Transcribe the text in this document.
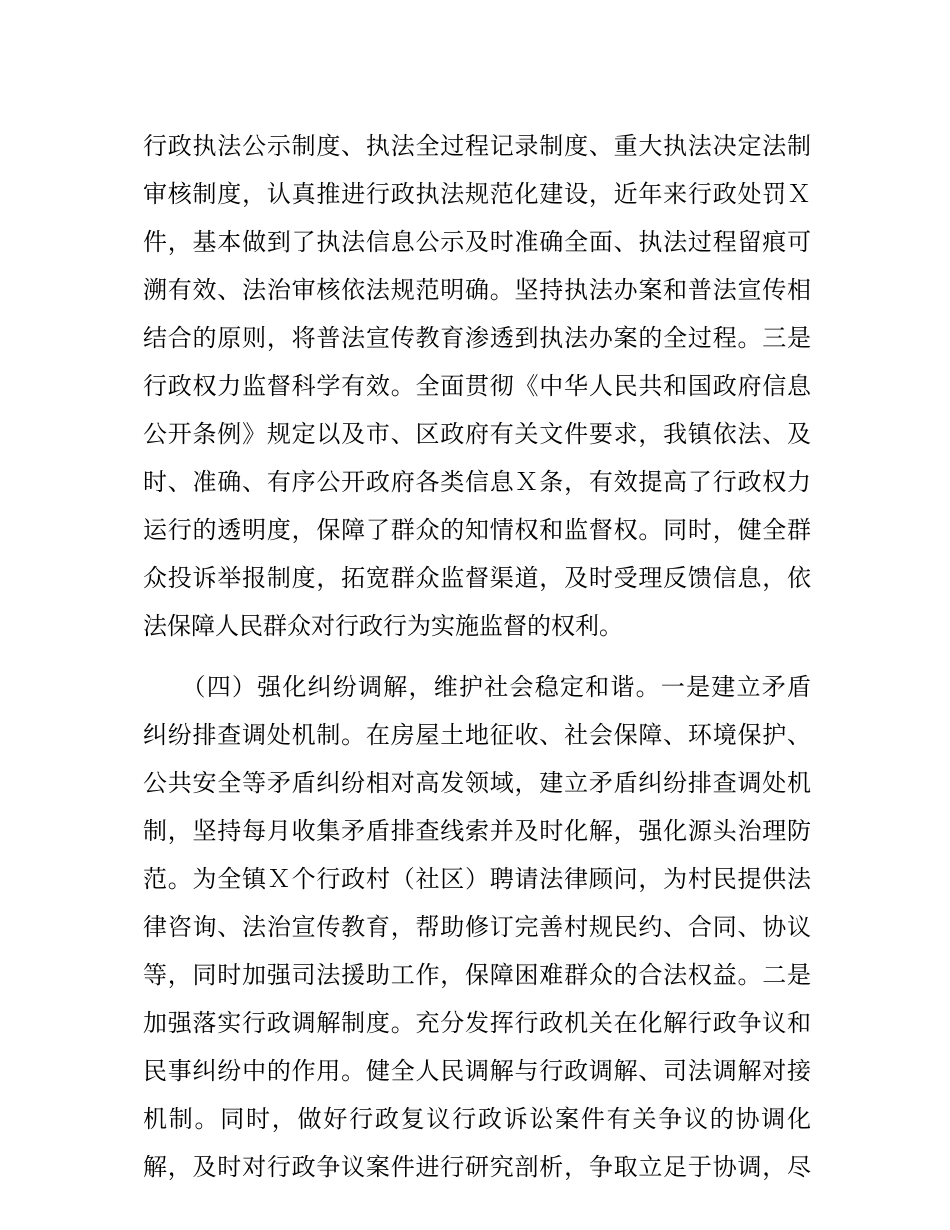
行政执法公示制度、执法全过程记录制度、重大执法决定法制
审核制度，认真推进行政执法规范化建设，近年来行政处罚Ｘ
件，基本做到了执法信息公示及时准确全面、执法过程留痕可
溯有效、法治审核依法规范明确。坚持执法办案和普法宣传相
结合的原则，将普法宣传教育渗透到执法办案的全过程。三是
行政权力监督科学有效。全面贯彻《中华人民共和国政府信息
公开条例》规定以及市、区政府有关文件要求，我镇依法、及
时、准确、有序公开政府各类信息Ｘ条，有效提高了行政权力
运行的透明度，保障了群众的知情权和监督权。同时，健全群
众投诉举报制度，拓宽群众监督渠道，及时受理反馈信息，依
法保障人民群众对行政行为实施监督的权利。
　　（四）强化纠纷调解，维护社会稳定和谐。一是建立矛盾
纠纷排查调处机制。在房屋土地征收、社会保障、环境保护、
公共安全等矛盾纠纷相对高发领域，建立矛盾纠纷排查调处机
制，坚持每月收集矛盾排查线索并及时化解，强化源头治理防
范。为全镇Ｘ个行政村（社区）聘请法律顾问，为村民提供法
律咨询、法治宣传教育，帮助修订完善村规民约、合同、协议
等，同时加强司法援助工作，保障困难群众的合法权益。二是
加强落实行政调解制度。充分发挥行政机关在化解行政争议和
民事纠纷中的作用。健全人民调解与行政调解、司法调解对接
机制。同时，做好行政复议行政诉讼案件有关争议的协调化
解，及时对行政争议案件进行研究剖析，争取立足于协调，尽
